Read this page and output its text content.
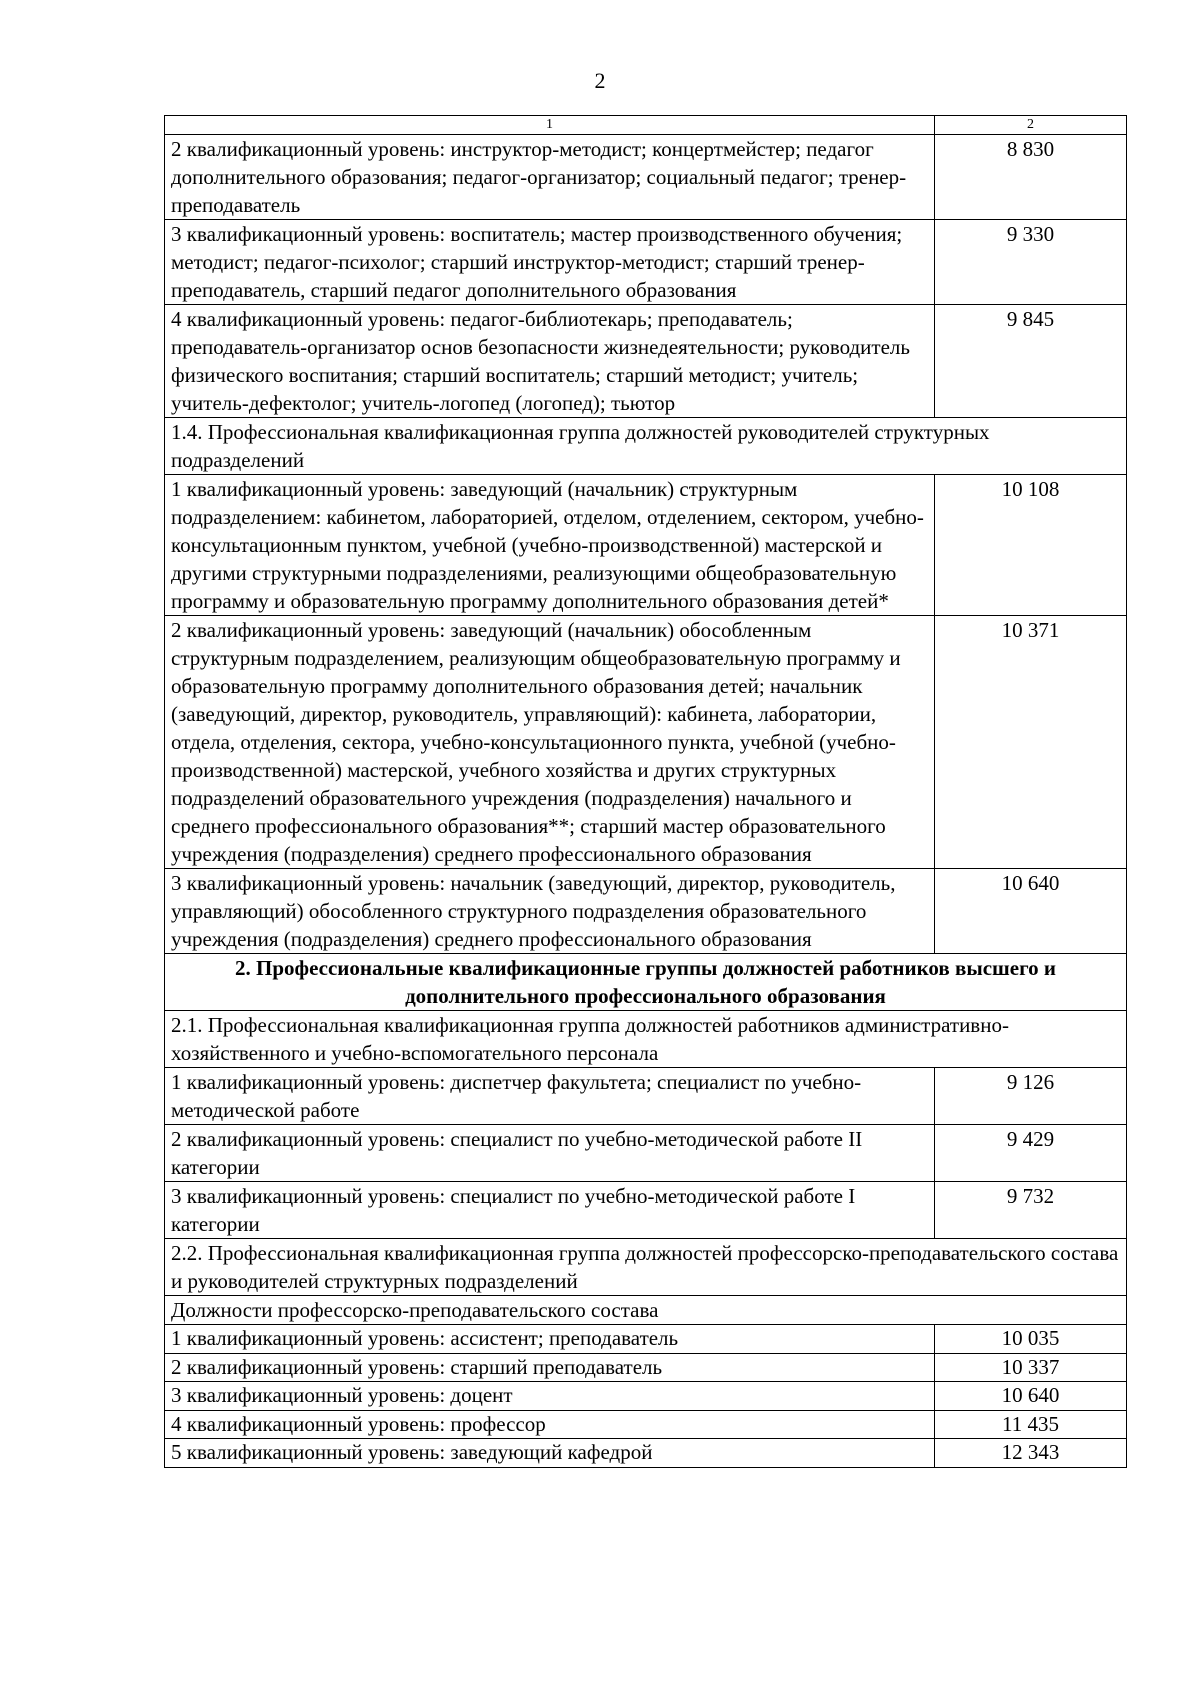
2
1	2
2 квалификационный уровень: инструктор-методист; концертмейстер; педагог дополнительного образования; педагог-организатор; социальный педагог; тренер-преподаватель	8 830
3 квалификационный уровень: воспитатель; мастер производственного обучения; методист; педагог-психолог; старший инструктор-методист; старший тренер-преподаватель, старший педагог дополнительного образования	9 330
4 квалификационный уровень: педагог-библиотекарь; преподаватель; преподаватель-организатор основ безопасности жизнедеятельности; руководитель физического воспитания; старший воспитатель; старший методист; учитель; учитель-дефектолог; учитель-логопед (логопед); тьютор	9 845
1.4. Профессиональная квалификационная группа должностей руководителей структурных подразделений	
1 квалификационный уровень: заведующий (начальник) структурным подразделением: кабинетом, лабораторией, отделом, отделением, сектором, учебно-консультационным пунктом, учебной (учебно-производственной) мастерской и другими структурными подразделениями, реализующими общеобразовательную программу и образовательную программу дополнительного образования детей*	10 108
2 квалификационный уровень: заведующий (начальник) обособленным структурным подразделением, реализующим общеобразовательную программу и образовательную программу дополнительного образования детей; начальник (заведующий, директор, руководитель, управляющий): кабинета, лаборатории, отдела, отделения, сектора, учебно-консультационного пункта, учебной (учебно-производственной) мастерской, учебного хозяйства и других структурных подразделений образовательного учреждения (подразделения) начального и среднего профессионального образования**; старший мастер образовательного учреждения (подразделения) среднего профессионального образования	10 371
3 квалификационный уровень: начальник (заведующий, директор, руководитель, управляющий) обособленного структурного подразделения образовательного учреждения (подразделения) среднего профессионального образования	10 640
2. Профессиональные квалификационные группы должностей работников высшего и дополнительного профессионального образования	
2.1. Профессиональная квалификационная группа должностей работников административно-хозяйственного и учебно-вспомогательного персонала	
1 квалификационный уровень: диспетчер факультета; специалист по учебно-методической работе	9 126
2 квалификационный уровень: специалист по учебно-методической работе II категории	9 429
3 квалификационный уровень: специалист по учебно-методической работе I категории	9 732
2.2. Профессиональная квалификационная группа должностей профессорско-преподавательского состава и руководителей структурных подразделений	
Должности профессорско-преподавательского состава	
1 квалификационный уровень: ассистент; преподаватель	10 035
2 квалификационный уровень: старший преподаватель	10 337
3 квалификационный уровень: доцент	10 640
4 квалификационный уровень: профессор	11 435
5 квалификационный уровень: заведующий кафедрой	12 343
